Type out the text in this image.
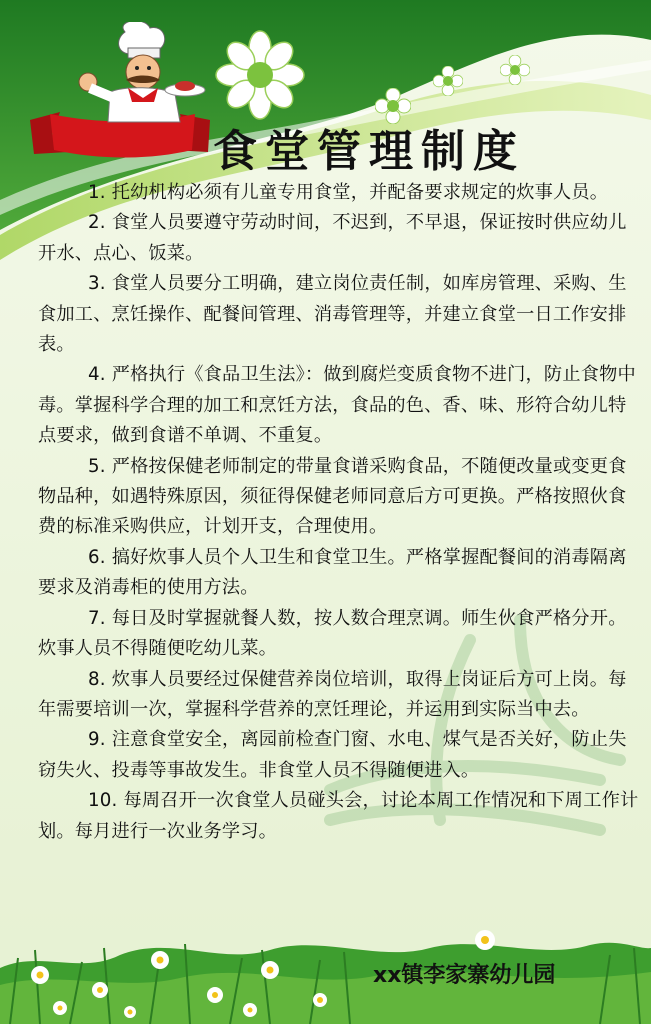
食堂管理制度

1. 托幼机构必须有儿童专用食堂，并配备要求规定的炊事人员。

2. 食堂人员要遵守劳动时间，不迟到，不早退，保证按时供应幼儿开水、点心、饭菜。

3. 食堂人员要分工明确，建立岗位责任制，如库房管理、采购、生食加工、烹饪操作、配餐间管理、消毒管理等，并建立食堂一日工作安排表。

4. 严格执行《食品卫生法》：做到腐烂变质食物不进门，防止食物中毒。掌握科学合理的加工和烹饪方法，食品的色、香、味、形符合幼儿特点要求，做到食谱不单调、不重复。

5. 严格按保健老师制定的带量食谱采购食品，不随便改量或变更食物品种，如遇特殊原因，须征得保健老师同意后方可更换。严格按照伙食费的标准采购供应，计划开支，合理使用。

6. 搞好炊事人员个人卫生和食堂卫生。严格掌握配餐间的消毒隔离要求及消毒柜的使用方法。

7. 每日及时掌握就餐人数，按人数合理烹调。师生伙食严格分开。炊事人员不得随便吃幼儿菜。

8. 炊事人员要经过保健营养岗位培训，取得上岗证后方可上岗。每年需要培训一次，掌握科学营养的烹饪理论，并运用到实际当中去。

9. 注意食堂安全，离园前检查门窗、水电、煤气是否关好，防止失窃失火、投毒等事故发生。非食堂人员不得随便进入。

10. 每周召开一次食堂人员碰头会，讨论本周工作情况和下周工作计划。每月进行一次业务学习。

xx镇李家寨幼儿园
